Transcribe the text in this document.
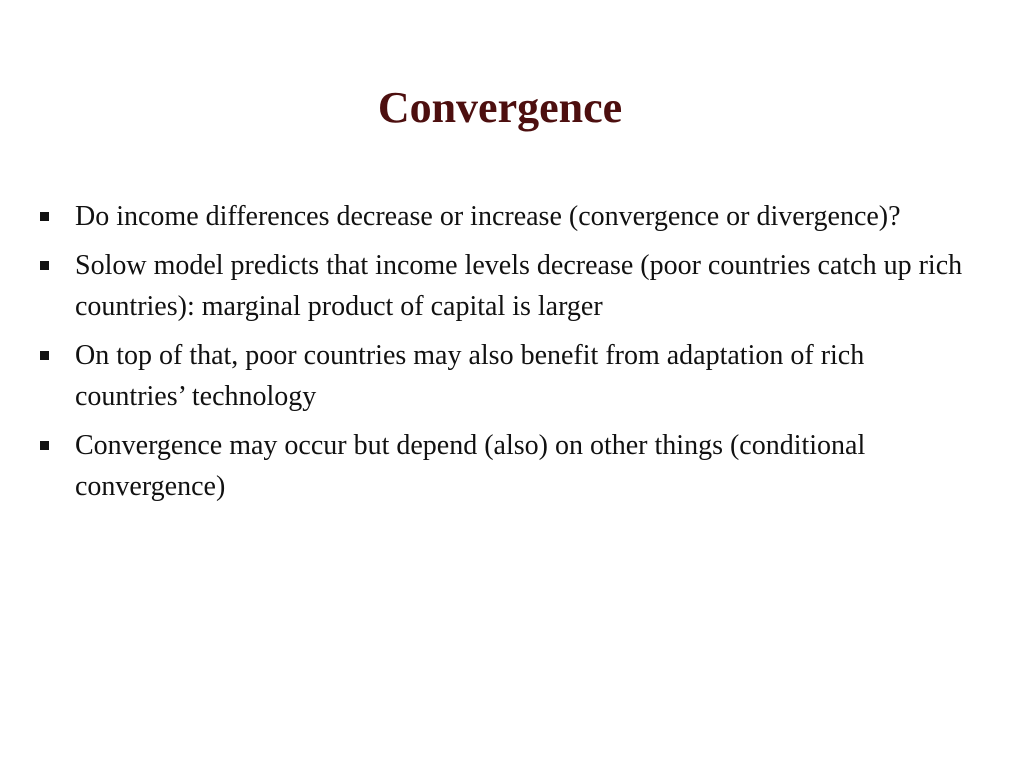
Convergence
Do income differences decrease or increase (convergence or divergence)?
Solow model predicts that income levels decrease (poor countries catch up rich countries): marginal product of capital is larger
On top of that, poor countries may also benefit from adaptation of rich countries’ technology
Convergence may occur but depend (also) on other things (conditional convergence)
